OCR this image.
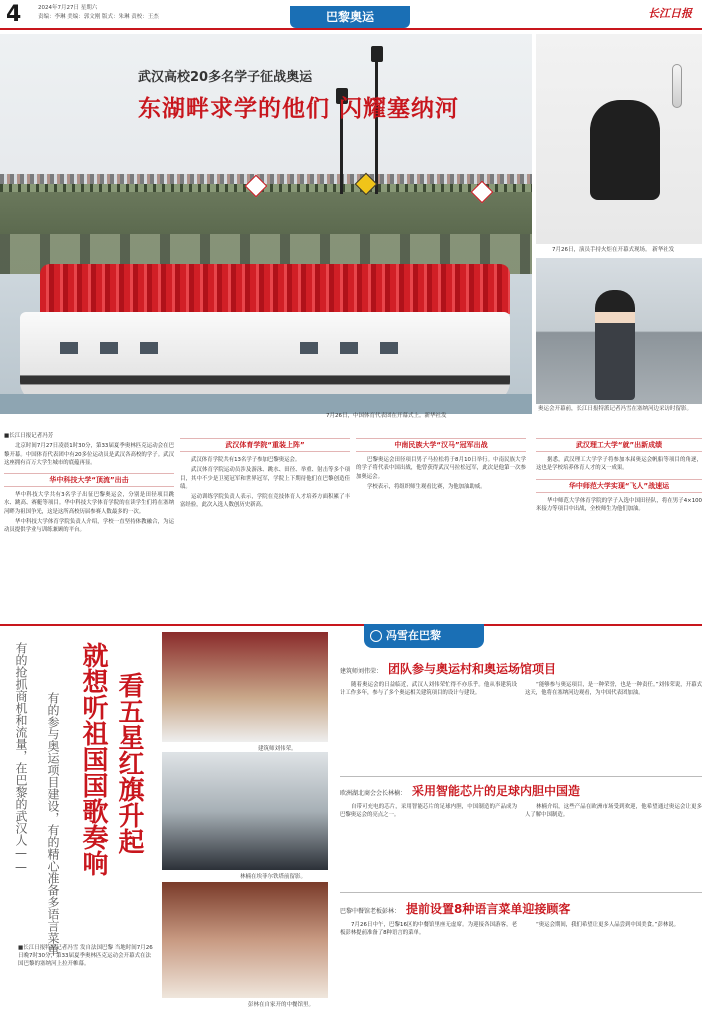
4	2024年7月27日 星期六
责编：李琳 美编：郭文刚 版式：朱琳 责校：王杰	巴黎奥运	长江日报
武汉高校20多名学子征战奥运
东湖畔求学的他们 闪耀塞纳河
7月26日，中国体育代表团在开幕式上。新华社发
7月26日，演员手持火炬在开幕式现场。 新华社发
奥运会开幕前，长江日报特派记者冯雪在塞纳河边采访时留影。
■长江日报记者冯芳
北京时间7月27日凌晨1时30分，第33届夏季奥林匹克运动会在巴黎开幕。中国体育代表团中有20多位运动员是武汉各高校的学子。武汉这座拥有百万大学生城市的底蕴再显。
华中科技大学“顶流”出击
华中科技大学共有3名学子出征巴黎奥运会，分别是田径项目跳水、跳高、赛艇等项目。华中科技大学体育学院的在读学生们将在塞纳河畔为祖国争光，这是这所高校历届参赛人数最多的一次。
华中科技大学体育学院负责人介绍，学校一直坚持体教融合，为运动员提供学业与训练兼顾的平台。
武汉体育学院“重装上阵”
武汉体育学院共有13名学子参加巴黎奥运会。
武汉体育学院运动员涉及游泳、跳水、田径、举重、射击等多个项目，其中不少是卫冕冠军和世界冠军，学院上下期待他们在巴黎创造佳绩。
运动训练学院负责人表示，学院在竞技体育人才培养方面积累了丰富经验，此次入选人数创历史新高。
中南民族大学“汉马”冠军出战
巴黎奥运会田径项目男子马拉松将于8月10日举行。中南民族大学的学子将代表中国出战，他曾获得武汉马拉松冠军，此次是他第一次参加奥运会。
学校表示，将组织师生观看比赛，为他加油助威。
武汉理工大学“就”出新成绩
据悉，武汉理工大学学子将参加本届奥运会帆船等项目的角逐，这也是学校培养体育人才的又一成果。
华中师范大学实现“飞人”战速运
华中师范大学体育学院的学子入选中国田径队，将在男子4×100米接力等项目中出战，全校师生为他们加油。
有的抢抓商机和流量，在巴黎的武汉人—— 有的参与奥运项目建设，有的精心准备多语言菜单 就想听祖国国歌奏响 看五星红旗升起
■长江日报特派记者冯雪 发自法国巴黎 当地时间7月26日晚7时30分，第33届夏季奥林匹克运动会开幕式在法国巴黎的塞纳河上拉开帷幕。
建筑师刘伟荣。
林楠在埃菲尔铁塔前留影。
彭林在自家开的中餐馆里。
冯雪在巴黎
建筑师刘伟荣： 团队参与奥运村和奥运场馆项目

随着奥运会的日益临近，武汉人刘伟荣忙得不亦乐乎。他从事建筑设计工作多年，参与了多个奥运相关建筑项目的设计与建设。

“能够参与奥运项目，是一种荣誉，也是一种责任。”刘伟荣说，开幕式这天，他将在塞纳河边观看，为中国代表团加油。

欧洲湖北商会会长林楠： 采用智能芯片的足球内胆中国造

自带可充电的芯片，采用智能芯片的足球内胆，中国制造的产品成为巴黎奥运会的亮点之一。

林楠介绍，这些产品在欧洲市场受到欢迎，他希望通过奥运会让更多人了解中国制造。

巴黎中餐馆老板彭林： 提前设置8种语言菜单迎接顾客

7月26日中午，巴黎16区的中餐馆里座无虚席。为迎接各国游客，老板彭林提前准备了8种语言的菜单。

“奥运会期间，我们希望让更多人品尝到中国美食。”彭林说。
